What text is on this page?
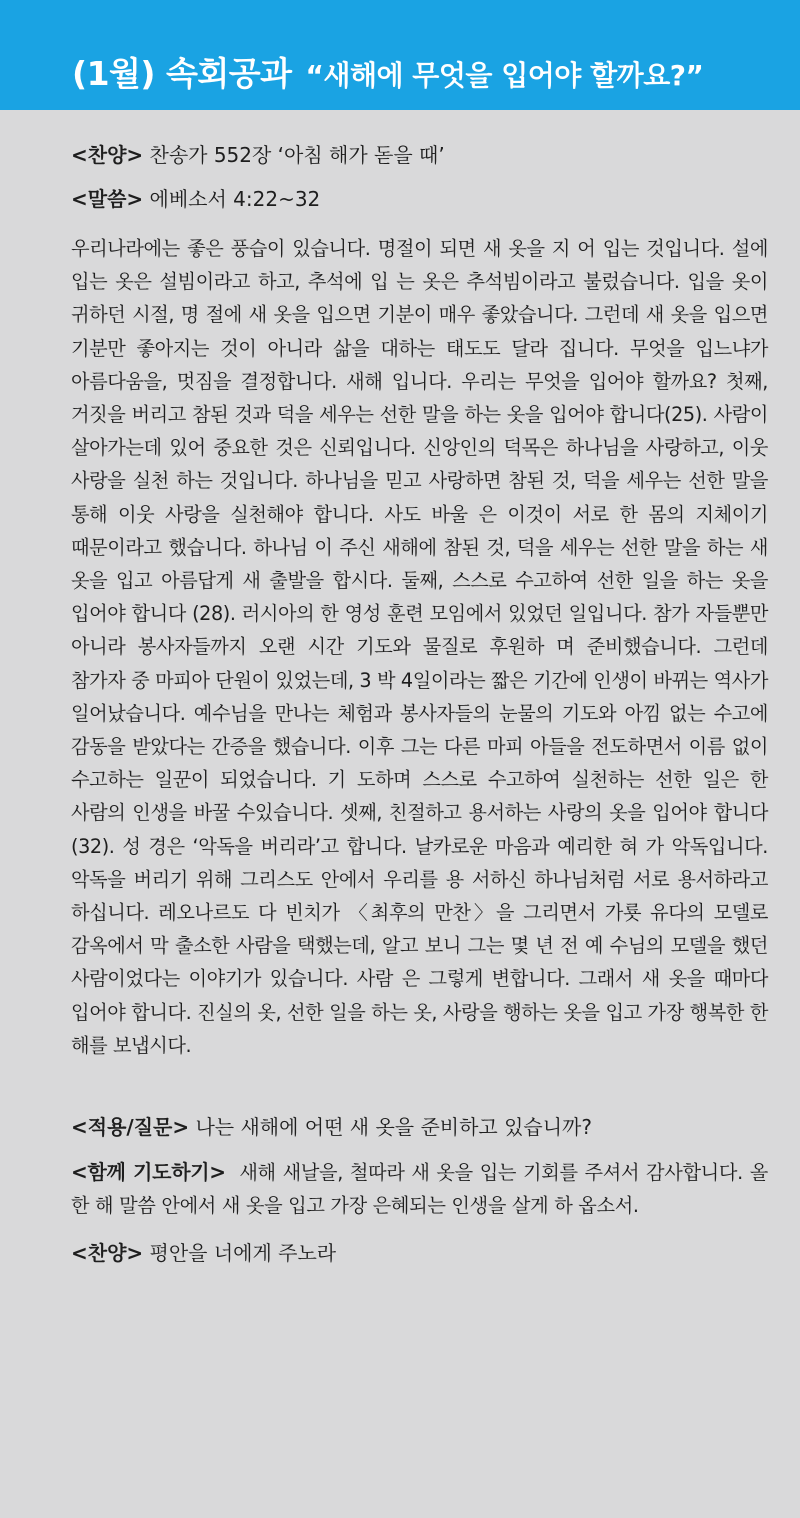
(1월) 속회공과 “새해에 무엇을 입어야 할까요?”

<찬양> 찬송가 552장 ‘아침 해가 돋을 때’

<말씀> 에베소서 4:22~32

우리나라에는 좋은 풍습이 있습니다. 명절이 되면 새 옷을 지 어 입는 것입니다. 설에 입는 옷은 설빔이라고 하고, 추석에 입 는 옷은 추석빔이라고 불렀습니다. 입을 옷이 귀하던 시절, 명 절에 새 옷을 입으면 기분이 매우 좋았습니다. 그런데 새 옷을 입으면 기분만 좋아지는 것이 아니라 삶을 대하는 태도도 달라 집니다. 무엇을 입느냐가 아름다움을, 멋짐을 결정합니다. 새해 입니다. 우리는 무엇을 입어야 할까요? 첫째, 거짓을 버리고 참된 것과 덕을 세우는 선한 말을 하는 옷을 입어야 합니다(25). 사람이 살아가는데 있어 중요한 것은 신뢰입니다. 신앙인의 덕목은 하나님을 사랑하고, 이웃 사랑을 실천 하는 것입니다. 하나님을 믿고 사랑하면 참된 것, 덕을 세우는 선한 말을 통해 이웃 사랑을 실천해야 합니다. 사도 바울 은 이것이 서로 한 몸의 지체이기 때문이라고 했습니다. 하나님 이 주신 새해에 참된 것, 덕을 세우는 선한 말을 하는 새 옷을 입고 아름답게 새 출발을 합시다. 둘째, 스스로 수고하여 선한 일을 하는 옷을 입어야 합니다 (28). 러시아의 한 영성 훈련 모임에서 있었던 일입니다. 참가 자들뿐만 아니라 봉사자들까지 오랜 시간 기도와 물질로 후원하 며 준비했습니다. 그런데 참가자 중 마피아 단원이 있었는데, 3 박 4일이라는 짧은 기간에 인생이 바뀌는 역사가 일어났습니다. 예수님을 만나는 체험과 봉사자들의 눈물의 기도와 아낌 없는 수고에 감동을 받았다는 간증을 했습니다. 이후 그는 다른 마피 아들을 전도하면서 이름 없이 수고하는 일꾼이 되었습니다. 기 도하며 스스로 수고하여 실천하는 선한 일은 한 사람의 인생을 바꿀 수있습니다. 셋째, 친절하고 용서하는 사랑의 옷을 입어야 합니다(32). 성 경은 ‘악독을 버리라’고 합니다. 날카로운 마음과 예리한 혀 가 악독입니다. 악독을 버리기 위해 그리스도 안에서 우리를 용 서하신 하나님처럼 서로 용서하라고 하십니다. 레오나르도 다 빈치가 〈최후의 만찬〉을 그리면서 가룟 유다의 모델로 감옥에서 막 출소한 사람을 택했는데, 알고 보니 그는 몇 년 전 예 수님의 모델을 했던 사람이었다는 이야기가 있습니다. 사람 은 그렇게 변합니다. 그래서 새 옷을 때마다 입어야 합니다. 진실의 옷, 선한 일을 하는 옷, 사랑을 행하는 옷을 입고 가장 행복한 한 해를 보냅시다.

<적용/질문> 나는 새해에 어떤 새 옷을 준비하고 있습니까?

<함께 기도하기> 새해 새날을, 철따라 새 옷을 입는 기회를 주셔서 감사합니다. 올 한 해 말씀 안에서 새 옷을 입고 가장 은혜되는 인생을 살게 하 옵소서.

<찬양> 평안을 너에게 주노라
